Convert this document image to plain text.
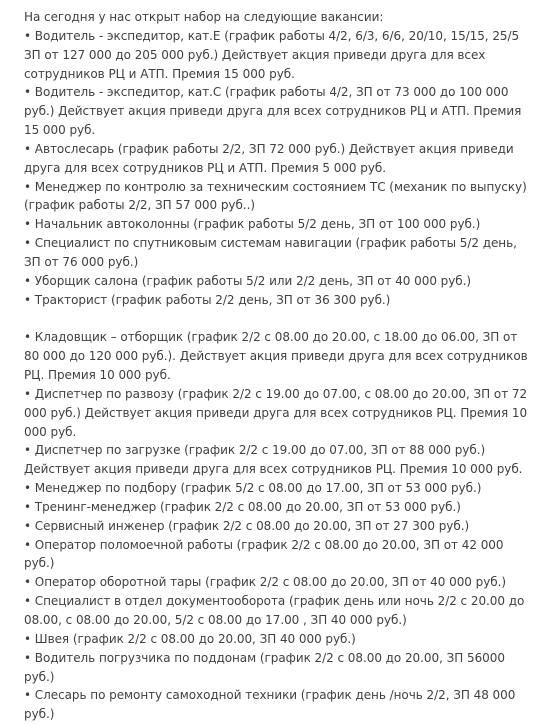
На сегодня у нас открыт набор на следующие вакансии:

• Водитель - экспедитор, кат.Е (график работы 4/2, 6/3, 6/6, 20/10, 15/15, 25/5 ЗП от 127 000 до 205 000 руб.) Действует акция приведи друга для всех сотрудников РЦ и АТП. Премия 15 000 руб.

• Водитель - экспедитор, кат.С (график работы 4/2, ЗП от 73 000 до 100 000 руб.) Действует акция приведи друга для всех сотрудников РЦ и АТП. Премия 15 000 руб.

• Автослесарь (график работы 2/2, ЗП 72 000 руб.) Действует акция приведи друга для всех сотрудников РЦ и АТП. Премия 5 000 руб.

• Менеджер по контролю за техническим состоянием ТС (механик по выпуску) (график работы 2/2, ЗП 57 000 руб..)

• Начальник автоколонны (график работы 5/2 день, ЗП от 100 000 руб.)

• Специалист по спутниковым системам навигации (график работы 5/2 день, ЗП от 76 000 руб.)

• Уборщик салона (график работы 5/2 или 2/2 день, ЗП от 40 000 руб.)

• Тракторист (график работы 2/2 день, ЗП от 36 300 руб.)

• Кладовщик – отборщик (график 2/2 с 08.00 до 20.00, с 18.00 до 06.00, ЗП от 80 000 до 120 000 руб.). Действует акция приведи друга для всех сотрудников РЦ. Премия 10 000 руб.

• Диспетчер по развозу (график 2/2 с 19.00 до 07.00, с 08.00 до 20.00, ЗП от 72 000 руб.) Действует акция приведи друга для всех сотрудников РЦ. Премия 10 000 руб.

• Диспетчер по загрузке (график 2/2 с 19.00 до 07.00, ЗП от 88 000 руб.) Действует акция приведи друга для всех сотрудников РЦ. Премия 10 000 руб.

• Менеджер по подбору (график 5/2 с 08.00 до 17.00, ЗП от 53 000 руб.)

• Тренинг-менеджер (график 2/2 с 08.00 до 20.00, ЗП от 53 000 руб.)

• Сервисный инженер (график 2/2 с 08.00 до 20.00, ЗП от 27 300 руб.)

• Оператор поломоечной работы (график 2/2 с 08.00 до 20.00, ЗП от 42 000 руб.)

• Оператор оборотной тары (график 2/2 с 08.00 до 20.00, ЗП от 40 000 руб.)

• Специалист в отдел документооборота (график день или ночь 2/2 с 20.00 до 08.00, с 08.00 до 20.00, 5/2 с 08.00 до 17.00 , ЗП 40 000 руб.)

• Швея (график 2/2 с 08.00 до 20.00, ЗП 40 000 руб.)

• Водитель погрузчика по поддонам (график 2/2 с 08.00 до 20.00, ЗП 56000 руб.)

• Слесарь по ремонту самоходной техники (график день /ночь 2/2, ЗП 48 000 руб.)
